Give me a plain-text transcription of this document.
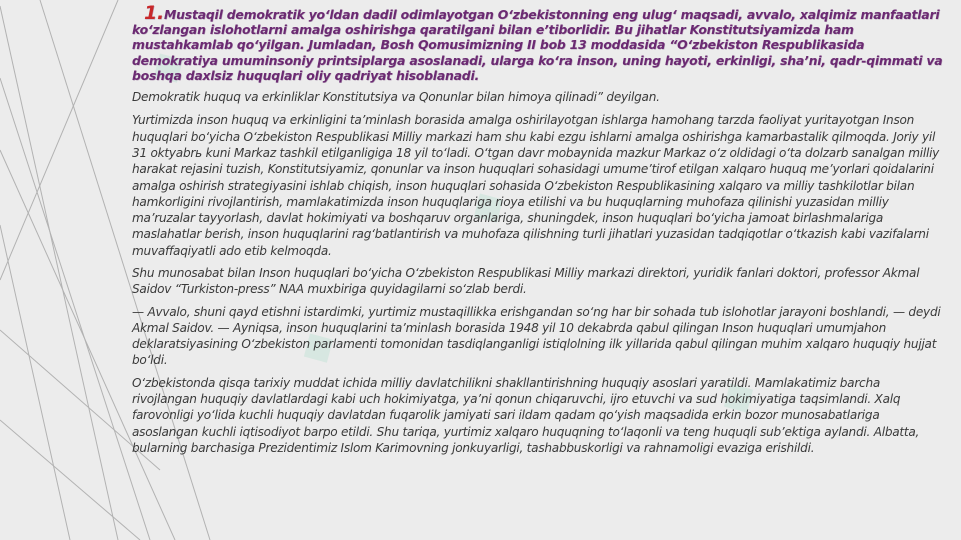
◆
◆
◆
◆

1.Mustaqil demokratik yo‘ldan dadil odimlayotgan O‘zbekistonning eng ulug‘ maqsadi, avvalo, xalqimiz manfaatlari ko‘zlangan islohotlarni amalga oshirishga qaratilgani bilan e’tiborlidir. Bu jihatlar Konstitutsiyamizda ham mustahkamlab qo‘yilgan. Jumladan, Bosh Qomusimizning II bob 13 moddasida “O‘zbekiston Respublikasida demokratiya umuminsoniy printsiplarga asoslanadi, ularga ko‘ra inson, uning hayoti, erkinligi, sha’ni, qadr-qimmati va boshqa daxlsiz huquqlari oliy qadriyat hisoblanadi.

Demokratik huquq va erkinliklar Konstitutsiya va Qonunlar bilan himoya qilinadi” deyilgan.

Yurtimizda inson huquq va erkinligini ta’minlash borasida amalga oshirilayotgan ishlarga hamohang tarzda faoliyat yuritayotgan Inson huquqlari bo‘yicha O‘zbekiston Respublikasi Milliy markazi ham shu kabi ezgu ishlarni amalga oshirishga kamarbastalik qilmoqda. Joriy yil 31 oktyabrь kuni Markaz tashkil etilganligiga 18 yil to‘ladi. O‘tgan davr mobaynida mazkur Markaz o‘z oldidagi o‘ta dolzarb sanalgan milliy harakat rejasini tuzish, Konstitutsiyamiz, qonunlar va inson huquqlari sohasidagi umume’tirof etilgan xalqaro huquq me’yorlari qoidalarini amalga oshirish strategiyasini ishlab chiqish, inson huquqlari sohasida O‘zbekiston Respublikasining xalqaro va milliy tashkilotlar bilan hamkorligini rivojlantirish, mamlakatimizda inson huquqlariga rioya etilishi va bu huquqlarning muhofaza qilinishi yuzasidan milliy ma’ruzalar tayyorlash, davlat hokimiyati va boshqaruv organlariga, shuningdek, inson huquqlari bo‘yicha jamoat birlashmalariga maslahatlar berish, inson huquqlarini rag‘batlantirish va muhofaza qilishning turli jihatlari yuzasidan tadqiqotlar o‘tkazish kabi vazifalarni muvaffaqiyatli ado etib kelmoqda.

Shu munosabat bilan Inson huquqlari bo‘yicha O‘zbekiston Respublikasi Milliy markazi direktori, yuridik fanlari doktori, professor Akmal Saidov “Turkiston-press” NAA muxbiriga quyidagilarni so‘zlab berdi.

— Avvalo, shuni qayd etishni istardimki, yurtimiz mustaqillikka erishgandan so‘ng har bir sohada tub islohotlar jarayoni boshlandi, — deydi Akmal Saidov. — Ayniqsa, inson huquqlarini ta’minlash borasida 1948 yil 10 dekabrda qabul qilingan Inson huquqlari umumjahon deklaratsiyasining O‘zbekiston parlamenti tomonidan tasdiqlanganligi istiqlolning ilk yillarida qabul qilingan muhim xalqaro huquqiy hujjat bo‘ldi.

O‘zbekistonda qisqa tarixiy muddat ichida milliy davlatchilikni shakllantirishning huquqiy asoslari yaratildi. Mamlakatimiz barcha rivojlangan huquqiy davlatlardagi kabi uch hokimiyatga, ya’ni qonun chiqaruvchi, ijro etuvchi va sud hokimiyatiga taqsimlandi. Xalq farovonligi yo‘lida kuchli huquqiy davlatdan fuqarolik jamiyati sari ildam qadam qo‘yish maqsadida erkin bozor munosabatlariga asoslangan kuchli iqtisodiyot barpo etildi. Shu tariqa, yurtimiz xalqaro huquqning to‘laqonli va teng huquqli sub’ektiga aylandi. Albatta, bularning barchasiga Prezidentimiz Islom Karimovning jonkuyarligi, tashabbuskorligi va rahnamoligi evaziga erishildi.
